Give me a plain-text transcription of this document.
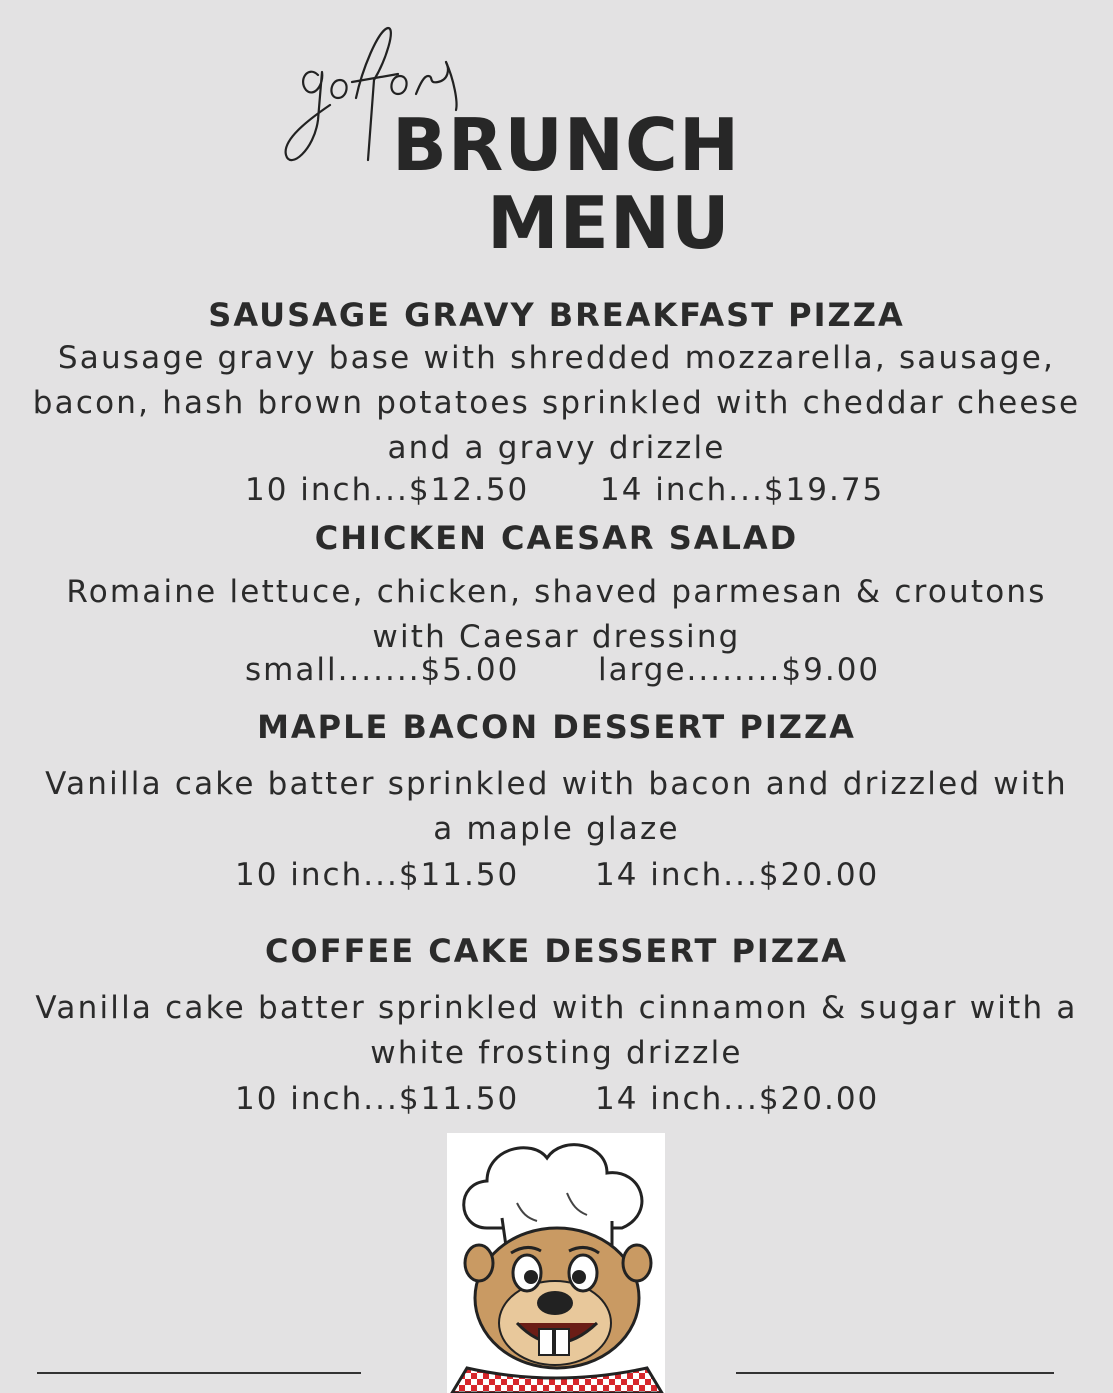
BRUNCH
MENU
SAUSAGE GRAVY BREAKFAST PIZZA
Sausage gravy base with shredded mozzarella, sausage,
bacon, hash brown potatoes sprinkled with cheddar cheese
and a gravy drizzle
10 inch...$12.50 14 inch...$19.75
CHICKEN CAESAR SALAD
Romaine lettuce, chicken, shaved parmesan & croutons
with Caesar dressing
small.......$5.00	large........$9.00
MAPLE BACON DESSERT PIZZA
Vanilla cake batter sprinkled with bacon and drizzled with
a maple glaze
10 inch...$11.50 14 inch...$20.00
COFFEE CAKE DESSERT PIZZA
Vanilla cake batter sprinkled with cinnamon & sugar with a
white frosting drizzle
10 inch...$11.50 14 inch...$20.00
